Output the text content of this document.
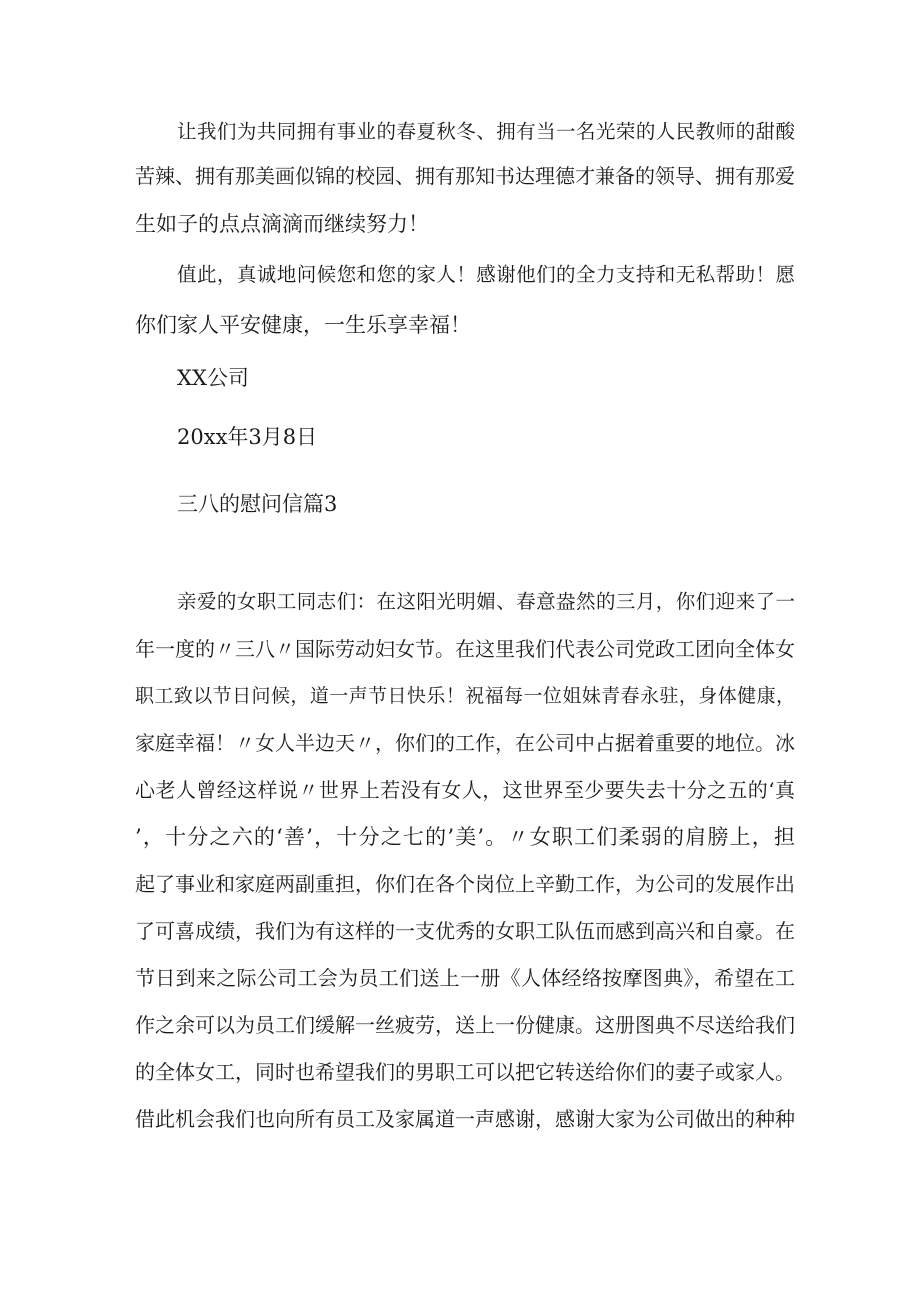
让我们为共同拥有事业的春夏秋冬、拥有当一名光荣的人民教师的甜酸
苦辣、拥有那美画似锦的校园、拥有那知书达理德才兼备的领导、拥有那爱
生如子的点点滴滴而继续努力！
值此，真诚地问候您和您的家人！感谢他们的全力支持和无私帮助！愿
你们家人平安健康，一生乐享幸福！
XX公司
20xx年3月8日
三八的慰问信篇3
亲爱的女职工同志们：在这阳光明媚、春意盎然的三月，你们迎来了一
年一度的〃三八〃国际劳动妇女节。在这里我们代表公司党政工团向全体女
职工致以节日问候，道一声节日快乐！祝福每一位姐妹青春永驻，身体健康，
家庭幸福！〃女人半边天〃，你们的工作，在公司中占据着重要的地位。冰
心老人曾经这样说〃世界上若没有女人，这世界至少要失去十分之五的‘真
’，十分之六的‘善’，十分之七的’美’。〃女职工们柔弱的肩膀上，担
起了事业和家庭两副重担，你们在各个岗位上辛勤工作，为公司的发展作出
了可喜成绩，我们为有这样的一支优秀的女职工队伍而感到高兴和自豪。在
节日到来之际公司工会为员工们送上一册《人体经络按摩图典》，希望在工
作之余可以为员工们缓解一丝疲劳，送上一份健康。这册图典不尽送给我们
的全体女工，同时也希望我们的男职工可以把它转送给你们的妻子或家人。
借此机会我们也向所有员工及家属道一声感谢，感谢大家为公司做出的种种
